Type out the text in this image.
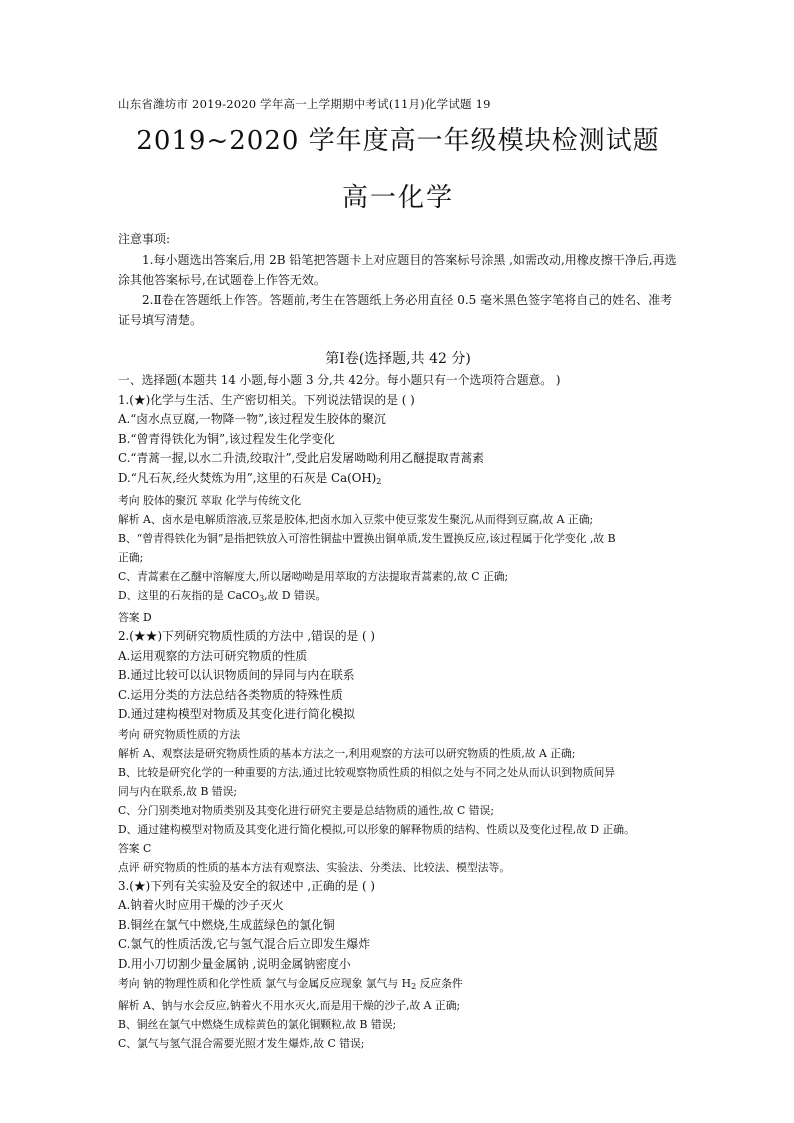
山东省潍坊市 2019-2020 学年高一上学期期中考试(11月)化学试题 19

2019~2020 学年度高一年级模块检测试题
高一化学

注意事项:

1.每小题选出答案后,用 2B 铅笔把答题卡上对应题目的答案标号涂黑 ,如需改动,用橡皮擦干净后,再选涂其他答案标号,在试题卷上作答无效。

2.Ⅱ卷在答题纸上作答。答题前,考生在答题纸上务必用直径 0.5 毫米黑色签字笔将自己的姓名、准考证号填写清楚。

第Ⅰ卷(选择题,共 42 分)

一、选择题(本题共 14 小题,每小题 3 分,共 42分。每小题只有一个选项符合题意。 )

1.(★)化学与生活、生产密切相关。下列说法错误的是 ( )

A.“卤水点豆腐,一物降一物”,该过程发生胶体的聚沉

B.“曾青得铁化为铜”,该过程发生化学变化

C.“青蒿一握,以水二升渍,绞取汁”,受此启发屠呦呦利用乙醚提取青蒿素

D.“凡石灰,经火焚炼为用”,这里的石灰是 $Ca(OH)_2$

考向 胶体的聚沉 萃取 化学与传统文化

解析 A、卤水是电解质溶液,豆浆是胶体,把卤水加入豆浆中使豆浆发生聚沉,从而得到豆腐,故 A 正确;

B、“曾青得铁化为铜”是指把铁放入可溶性铜盐中置换出铜单质,发生置换反应,该过程属于化学变化 ,故 B

正确;

C、青蒿素在乙醚中溶解度大,所以屠呦呦是用萃取的方法提取青蒿素的,故 C 正确;

D、这里的石灰指的是 CaCO$_3$,故 D 错误。

答案 D

2.(★★)下列研究物质性质的方法中 ,错误的是 ( )

A.运用观察的方法可研究物质的性质

B.通过比较可以认识物质间的异同与内在联系

C.运用分类的方法总结各类物质的特殊性质

D.通过建构模型对物质及其变化进行简化模拟

考向 研究物质性质的方法

解析 A、观察法是研究物质性质的基本方法之一,利用观察的方法可以研究物质的性质,故 A 正确;

B、比较是研究化学的一种重要的方法,通过比较观察物质性质的相似之处与不同之处从而认识到物质间异

同与内在联系,故 B 错误;

C、分门别类地对物质类别及其变化进行研究主要是总结物质的通性,故 C 错误;

D、通过建构模型对物质及其变化进行简化模拟,可以形象的解释物质的结构、性质以及变化过程,故 D 正确。

答案 C

点评 研究物质的性质的基本方法有观察法、实验法、分类法、比较法、模型法等。

3.(★)下列有关实验及安全的叙述中 ,正确的是 ( )

A.钠着火时应用干燥的沙子灭火

B.铜丝在氯气中燃烧,生成蓝绿色的氯化铜

C.氯气的性质活泼,它与氢气混合后立即发生爆炸

D.用小刀切割少量金属钠 ,说明金属钠密度小

考向 钠的物理性质和化学性质 氯气与金属反应现象 氯气与 $H_2$ 反应条件

解析 A、钠与水会反应,钠着火不用水灭火,而是用干燥的沙子,故 A 正确;

B、铜丝在氯气中燃烧生成棕黄色的氯化铜颗粒,故 B 错误;

C、氯气与氢气混合需要光照才发生爆炸,故 C 错误;
